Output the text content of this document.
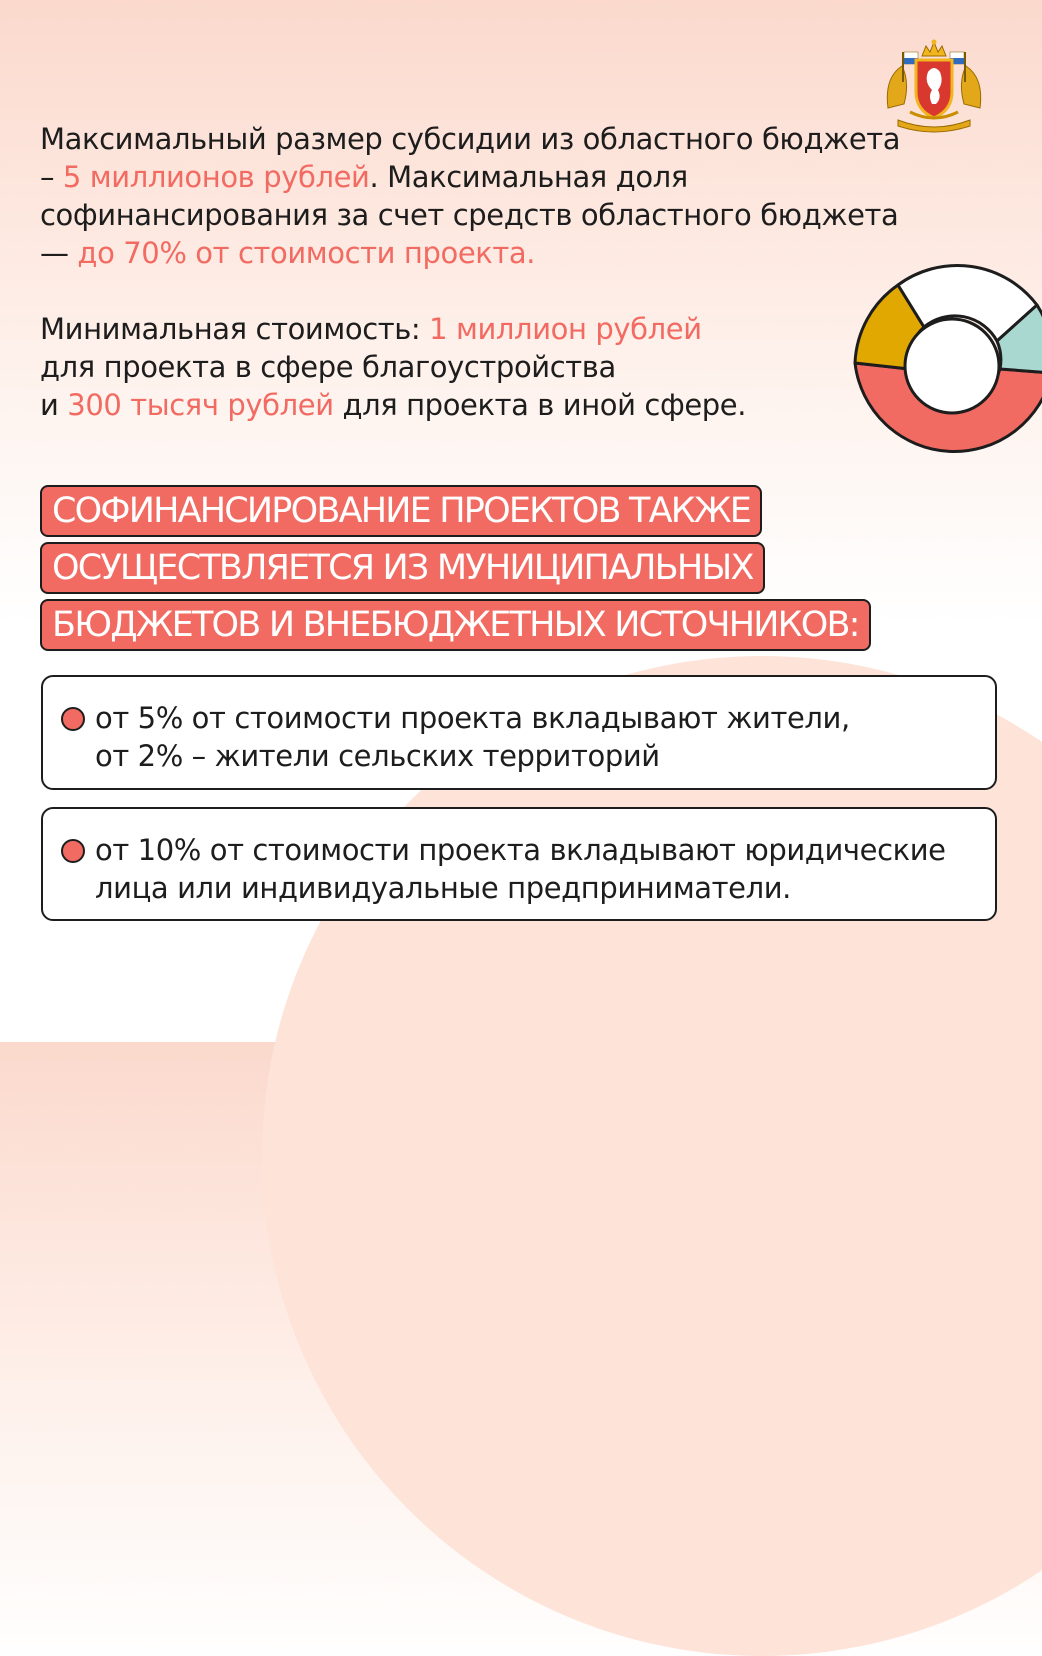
Максимальный размер субсидии из областного бюджета – 5 миллионов рублей. Максимальная доля софинансирования за счет средств областного бюджета — до 70% от стоимости проекта.

Минимальная стоимость: 1 миллион рублей
для проекта в сфере благоустройства
и 300 тысяч рублей для проекта в иной сфере.

СОФИНАНСИРОВАНИЕ ПРОЕКТОВ ТАКЖЕ
ОСУЩЕСТВЛЯЕТСЯ ИЗ МУНИЦИПАЛЬНЫХ
БЮДЖЕТОВ И ВНЕБЮДЖЕТНЫХ ИСТОЧНИКОВ:
от 5% от стоимости проекта вкладывают жители,
от 2% – жители сельских территорий
от 10% от стоимости проекта вкладывают юридические
лица или индивидуальные предприниматели.
